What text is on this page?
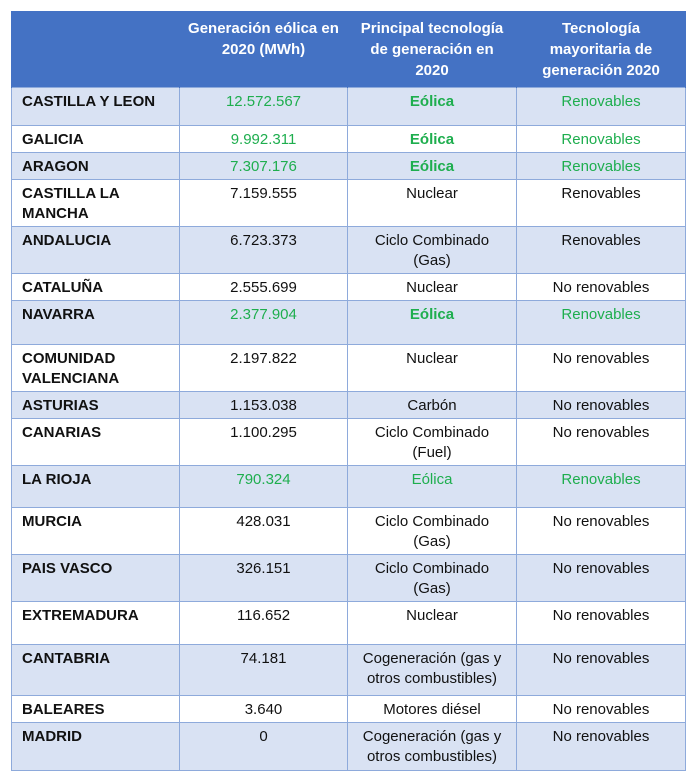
	Generación eólica en 2020 (MWh)	Principal tecnología de generación en 2020	Tecnología mayoritaria de generación 2020
CASTILLA Y LEON	12.572.567	Eólica	Renovables
GALICIA	9.992.311	Eólica	Renovables
ARAGON	7.307.176	Eólica	Renovables
CASTILLA LA MANCHA	7.159.555	Nuclear	Renovables
ANDALUCIA	6.723.373	Ciclo Combinado (Gas)	Renovables
CATALUÑA	2.555.699	Nuclear	No renovables
NAVARRA	2.377.904	Eólica	Renovables
COMUNIDAD VALENCIANA	2.197.822	Nuclear	No renovables
ASTURIAS	1.153.038	Carbón	No renovables
CANARIAS	1.100.295	Ciclo Combinado (Fuel)	No renovables
LA RIOJA	790.324	Eólica	Renovables
MURCIA	428.031	Ciclo Combinado (Gas)	No renovables
PAIS VASCO	326.151	Ciclo Combinado (Gas)	No renovables
EXTREMADURA	116.652	Nuclear	No renovables
CANTABRIA	74.181	Cogeneración (gas y otros combustibles)	No renovables
BALEARES	3.640	Motores diésel	No renovables
MADRID	0	Cogeneración (gas y otros combustibles)	No renovables
